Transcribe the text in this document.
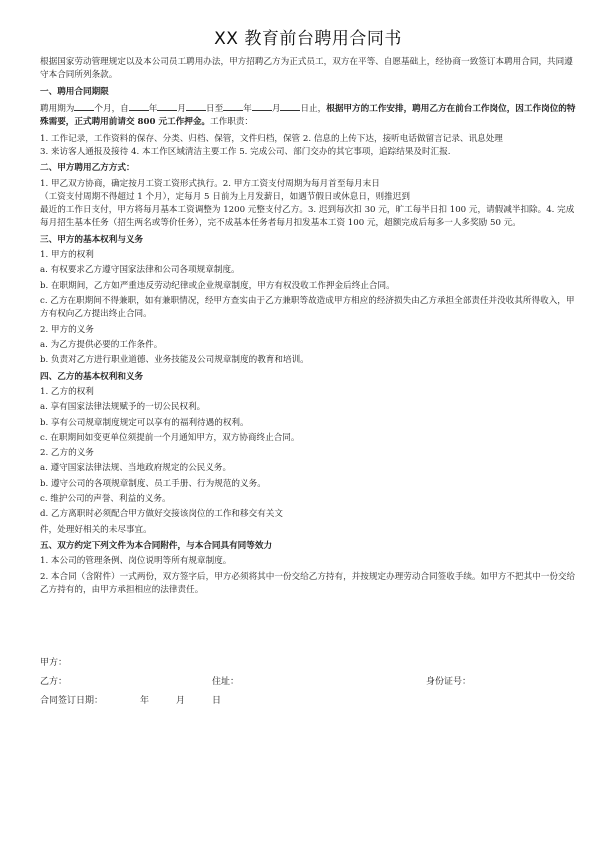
XX 教育前台聘用合同书

根据国家劳动管理规定以及本公司员工聘用办法，甲方招聘乙方为正式员工，双方在平等、自愿基础上，经协商一致签订本聘用合同，共同遵守本合同所列条款。

一、聘用合同期限

聘用期为 个月，自 年 月 日至 年 月 日止，根据甲方的工作安排，聘用乙方在前台工作岗位，因工作岗位的特殊需要，正式聘用前请交 800 元工作押金。工作职责：

1. 工作记录，工作资料的保存、分类、归档、保管，文件归档，保管 2. 信息的上传下达，接听电话做留言记录、讯息处理

3. 来访客人通报及接待 4. 本工作区域清洁主要工作 5. 完成公司、部门交办的其它事项，追踪结果及时汇报.

二、甲方聘用乙方方式：

1. 甲乙双方协商，确定按月工资工资形式执行。2. 甲方工资支付周期为每月首至每月末日

（工资支付周期不得超过 1 个月），定每月 5 日前为上月发薪日，如遇节假日或休息日，则推迟到

最近的工作日支付，甲方将每月基本工资调整为 1200 元整支付乙方。3. 迟到每次扣 30 元，旷工每半日扣 100 元，请假减半扣除。4. 完成每月招生基本任务（招生两名或等价任务），完不成基本任务者每月扣发基本工资 100 元，超额完成后每多一人多奖励 50 元。

三、甲方的基本权利与义务

1. 甲方的权利

a. 有权要求乙方遵守国家法律和公司各项规章制度。

b. 在职期间，乙方如严重违反劳动纪律或企业规章制度，甲方有权没收工作押金后终止合同。

c. 乙方在职期间不得兼职，如有兼职情况，经甲方查实由于乙方兼职等故造成甲方相应的经济损失由乙方承担全部责任并没收其所得收入，甲方有权向乙方提出终止合同。

2. 甲方的义务

a. 为乙方提供必要的工作条件。

b. 负责对乙方进行职业道德、业务技能及公司规章制度的教育和培训。

四、乙方的基本权利和义务

1. 乙方的权利

a. 享有国家法律法规赋予的一切公民权利。

b. 享有公司规章制度规定可以享有的福利待遇的权利。

c. 在职期间如变更单位须提前一个月通知甲方，双方协商终止合同。

2. 乙方的义务

a. 遵守国家法律法规、当地政府规定的公民义务。

b. 遵守公司的各项规章制度、员工手册、行为规范的义务。

c. 维护公司的声誉、利益的义务。

d. 乙方离职时必须配合甲方做好交接该岗位的工作和移交有关文

件，处理好相关的未尽事宜。

五、双方约定下列文件为本合同附件，与本合同具有同等效力

1. 本公司的管理条例、岗位说明等所有规章制度。

2. 本合同（含附件）一式两份，双方签字后，甲方必须将其中一份交给乙方持有，并按规定办理劳动合同签收手续。如甲方不把其中一份交给乙方持有的，由甲方承担相应的法律责任。

甲方：
乙方：	住址：	身份证号：
合同签订日期：	年	月	日
